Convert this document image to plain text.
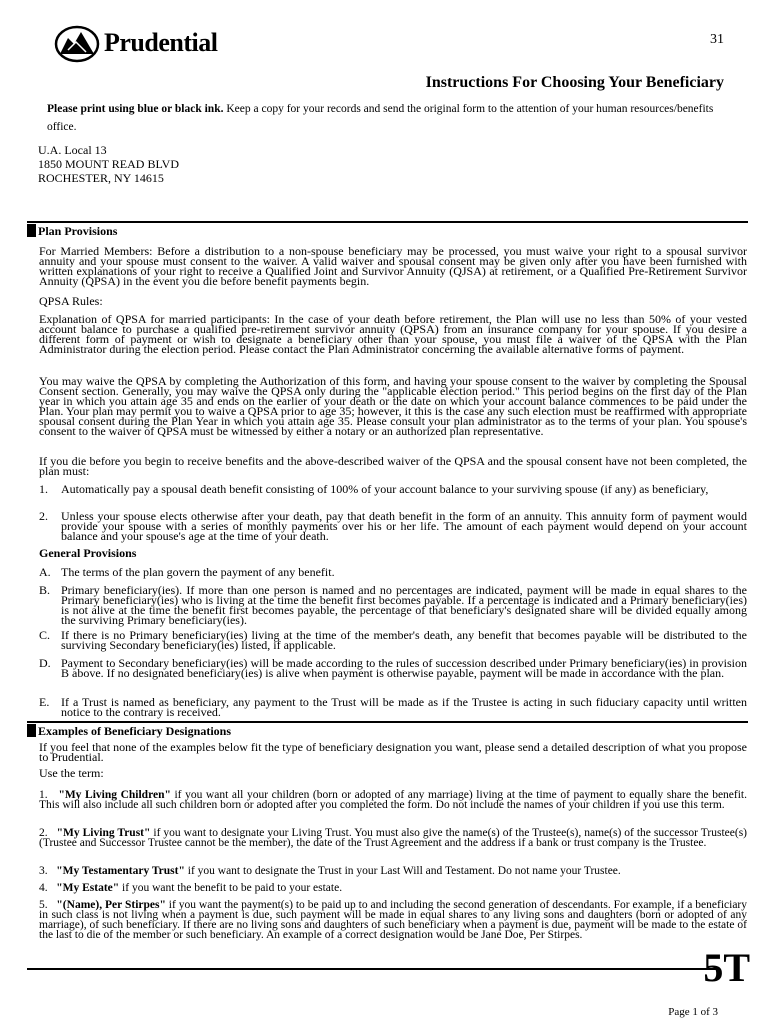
Prudential	31
Instructions For Choosing Your Beneficiary
Please print using blue or black ink. Keep a copy for your records and send the original form to the attention of your human resources/benefits office.
U.A. Local 13
1850 MOUNT READ BLVD
ROCHESTER, NY 14615
Plan Provisions
For Married Members: Before a distribution to a non-spouse beneficiary may be processed, you must waive your right to a spousal survivor annuity and your spouse must consent to the waiver. A valid waiver and spousal consent may be given only after you have been furnished with written explanations of your right to receive a Qualified Joint and Survivor Annuity (QJSA) at retirement, or a Qualified Pre-Retirement Survivor Annuity (QPSA) in the event you die before benefit payments begin.
QPSA Rules:
Explanation of QPSA for married participants: In the case of your death before retirement, the Plan will use no less than 50% of your vested account balance to purchase a qualified pre-retirement survivor annuity (QPSA) from an insurance company for your spouse. If you desire a different form of payment or wish to designate a beneficiary other than your spouse, you must file a waiver of the QPSA with the Plan Administrator during the election period. Please contact the Plan Administrator concerning the available alternative forms of payment.
You may waive the QPSA by completing the Authorization of this form, and having your spouse consent to the waiver by completing the Spousal Consent section. Generally, you may waive the QPSA only during the "applicable election period." This period begins on the first day of the Plan year in which you attain age 35 and ends on the earlier of your death or the date on which your account balance commences to be paid under the Plan. Your plan may permit you to waive a QPSA prior to age 35; however, it this is the case any such election must be reaffirmed with appropriate spousal consent during the Plan Year in which you attain age 35. Please consult your plan administrator as to the terms of your plan. You spouse's consent to the waiver of QPSA must be witnessed by either a notary or an authorized plan representative.
If you die before you begin to receive benefits and the above-described waiver of the QPSA and the spousal consent have not been completed, the plan must:
1. Automatically pay a spousal death benefit consisting of 100% of your account balance to your surviving spouse (if any) as beneficiary,
2. Unless your spouse elects otherwise after your death, pay that death benefit in the form of an annuity. This annuity form of payment would provide your spouse with a series of monthly payments over his or her life. The amount of each payment would depend on your account balance and your spouse's age at the time of your death.
General Provisions
A. The terms of the plan govern the payment of any benefit.
B. Primary beneficiary(ies). If more than one person is named and no percentages are indicated, payment will be made in equal shares to the Primary beneficiary(ies) who is living at the time the benefit first becomes payable. If a percentage is indicated and a Primary beneficiary(ies) is not alive at the time the benefit first becomes payable, the percentage of that beneficiary's designated share will be divided equally among the surviving Primary beneficiary(ies).
C. If there is no Primary beneficiary(ies) living at the time of the member's death, any benefit that becomes payable will be distributed to the surviving Secondary beneficiary(ies) listed, if applicable.
D. Payment to Secondary beneficiary(ies) will be made according to the rules of succession described under Primary beneficiary(ies) in provision B above. If no designated beneficiary(ies) is alive when payment is otherwise payable, payment will be made in accordance with the plan.
E. If a Trust is named as beneficiary, any payment to the Trust will be made as if the Trustee is acting in such fiduciary capacity until written notice to the contrary is received.
Examples of Beneficiary Designations
If you feel that none of the examples below fit the type of beneficiary designation you want, please send a detailed description of what you propose to Prudential.
Use the term:
1. "My Living Children" if you want all your children (born or adopted of any marriage) living at the time of payment to equally share the benefit. This will also include all such children born or adopted after you completed the form. Do not include the names of your children if you use this term.
2. "My Living Trust" if you want to designate your Living Trust. You must also give the name(s) of the Trustee(s), name(s) of the successor Trustee(s) (Trustee and Successor Trustee cannot be the member), the date of the Trust Agreement and the address if a bank or trust company is the Trustee.
3. "My Testamentary Trust" if you want to designate the Trust in your Last Will and Testament. Do not name your Trustee.
4. "My Estate" if you want the benefit to be paid to your estate.
5. "(Name), Per Stirpes" if you want the payment(s) to be paid up to and including the second generation of descendants. For example, if a beneficiary in such class is not living when a payment is due, such payment will be made in equal shares to any living sons and daughters (born or adopted of any marriage), of such beneficiary. If there are no living sons and daughters of such beneficiary when a payment is due, payment will be made to the estate of the last to die of the member or such beneficiary. An example of a correct designation would be Jane Doe, Per Stirpes.
5T
Page 1 of 3
